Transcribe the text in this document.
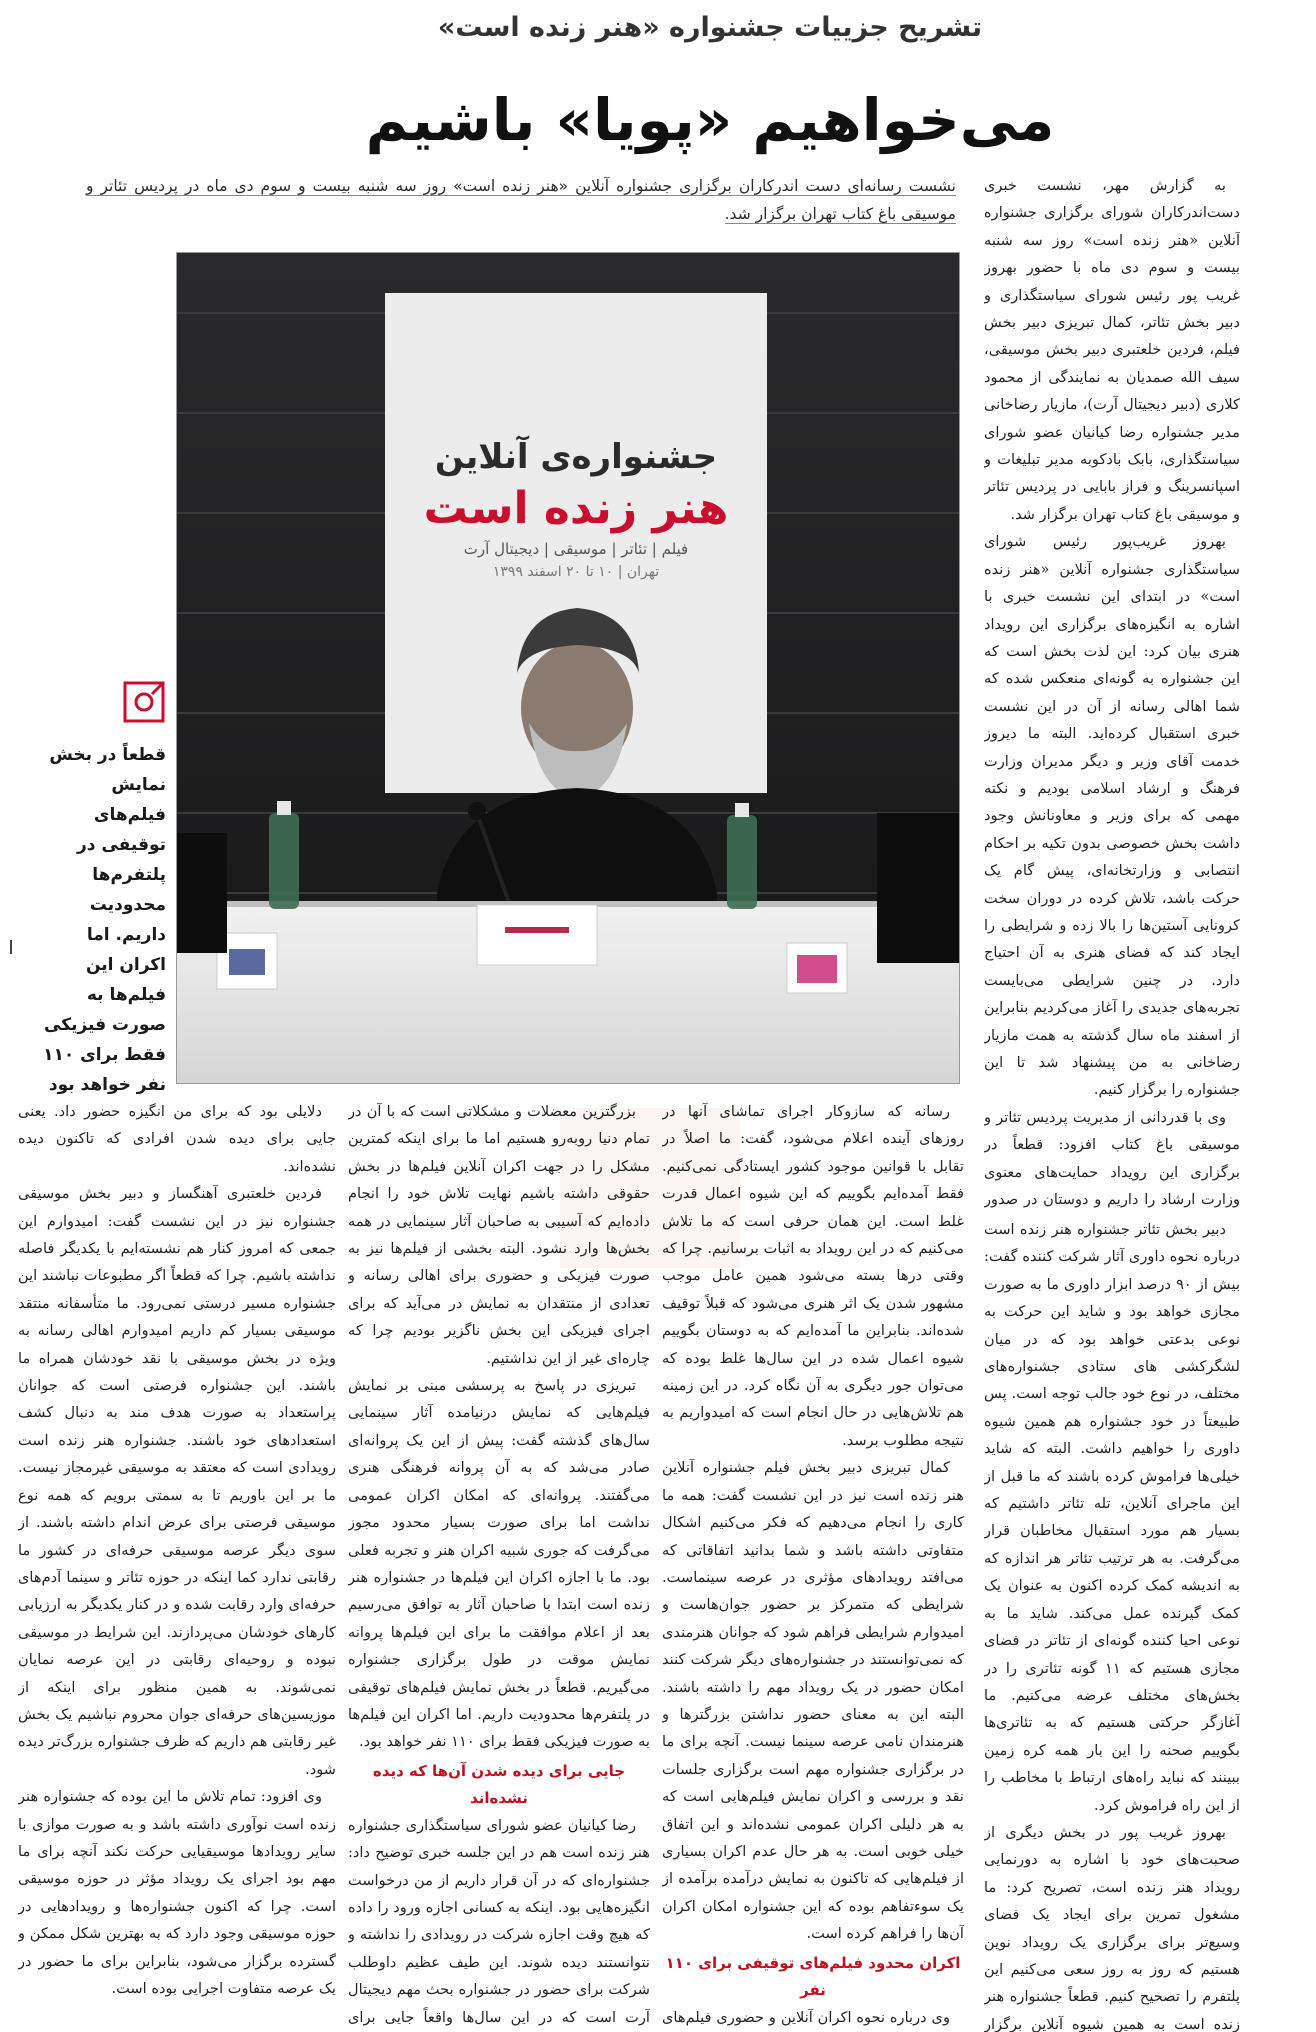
تشریح جزییات جشنواره «هنر زنده است»
می‌خواهیم «پویا» باشیم
نشست رسانه‌ای دست اندرکاران برگزاری جشنواره آنلاین «هنر زنده است» روز سه شنبه بیست و سوم دی ماه در پردیس تئاتر و موسیقی باغ کتاب تهران برگزار شد.

به گزارش مهر، نشست خبری دست‌اندرکاران شورای برگزاری جشنواره آنلاین «هنر زنده است» روز سه شنبه بیست و سوم دی ماه با حضور بهروز غریب پور رئیس شورای سیاستگذاری و دبیر بخش تئاتر، کمال تبریزی دبیر بخش فیلم، فردین خلعتبری دبیر بخش موسیقی، سیف الله صمدیان به نمایندگی از محمود کلاری (دبیر دیجیتال آرت)، مازیار رضاخانی مدیر جشنواره رضا کیانیان عضو شورای سیاستگذاری، بابک بادکوبه مدیر تبلیغات و اسپانسرینگ و فراز بابایی در پردیس تئاتر و موسیقی باغ کتاب تهران برگزار شد.

بهروز غریب‌پور رئیس شورای سیاستگذاری جشنواره آنلاین «هنر زنده است» در ابتدای این نشست خبری با اشاره به انگیزه‌های برگزاری این رویداد هنری بیان کرد: این لذت بخش است که این جشنواره به گونه‌ای منعکس شده که شما اهالی رسانه از آن در این نشست خبری استقبال کرده‌اید. البته ما دیروز خدمت آقای وزیر و دیگر مدیران وزارت فرهنگ و ارشاد اسلامی بودیم و نکته مهمی که برای وزیر و معاونانش وجود داشت بخش خصوصی بدون تکیه بر احکام انتصابی و وزارتخانه‌ای، پیش گام یک حرکت باشد، تلاش کرده در دوران سخت کرونایی آستین‌ها را بالا زده و شرایطی را ایجاد کند که فضای هنری به آن احتیاج دارد. در چنین شرایطی می‌بایست تجربه‌های جدیدی را آغاز می‌کردیم بنابراین از اسفند ماه سال گذشته به همت مازیار رضاخانی به من پیشنهاد شد تا این جشنواره را برگزار کنیم.

وی با قدردانی از مدیریت پردیس تئاتر و موسیقی باغ کتاب افزود: قطعاً در برگزاری این رویداد حمایت‌های معنوی وزارت ارشاد را داریم و دوستان در صدور

جشنواره‌ی آنلاین
هنر زنده است
فیلم | تئاتر | موسیقی | دیجیتال آرت
تهران | ۱۰ تا ۲۰ اسفند ۱۳۹۹
قطعاً در بخش نمایش فیلم‌های توقیفی در پلتفرم‌ها محدودیت داریم. اما اکران این فیلم‌ها به صورت فیزیکی فقط برای ۱۱۰ نفر خواهد بود

دبیر بخش تئاتر جشنواره هنر زنده است درباره نحوه داوری آثار شرکت کننده گفت: بیش از ۹۰ درصد ابزار داوری ما به صورت مجازی خواهد بود و شاید این حرکت به نوعی بدعتی خواهد بود که در میان لشگرکشی های ستادی جشنواره‌های مختلف، در نوع خود جالب توجه است. پس طبیعتاً در خود جشنواره هم همین شیوه داوری را خواهیم داشت. البته که شاید خیلی‌ها فراموش کرده باشند که ما قبل از این ماجرای آنلاین، تله تئاتر داشتیم که بسیار هم مورد استقبال مخاطبان قرار می‌گرفت. به هر ترتیب تئاتر هر اندازه که به اندیشه کمک کرده اکنون به عنوان یک کمک گیرنده عمل می‌کند. شاید ما به نوعی احیا کننده گونه‌ای از تئاتر در فضای مجازی هستیم که ۱۱ گونه تئاتری را در بخش‌های مختلف عرضه می‌کنیم. ما آغازگر حرکتی هستیم که به تئاتری‌ها بگوییم صحنه را این بار همه کره زمین ببینند که نباید راه‌های ارتباط با مخاطب را از این راه فراموش کرد.

بهروز غریب پور در بخش دیگری از صحبت‌های خود با اشاره به دورنمایی رویداد هنر زنده است، تصریح کرد: ما مشغول تمرین برای ایجاد یک فضای وسیع‌تر برای برگزاری یک رویداد نوین هستیم که روز به روز سعی می‌کنیم این پلتفرم را تصحیح کنیم. قطعاً جشنواره هنر زنده است به همین شیوه آنلاین برگزار

رسانه که سازوکار اجرای تماشای آنها در روزهای آینده اعلام می‌شود، گفت: ما اصلاً در تقابل با قوانین موجود کشور ایستادگی نمی‌کنیم. فقط آمده‌ایم بگوییم که این شیوه اعمال قدرت غلط است. این همان حرفی است که ما تلاش می‌کنیم که در این رویداد به اثبات برسانیم. چرا که وقتی درها بسته می‌شود همین عامل موجب مشهور شدن یک اثر هنری می‌شود که قبلاً توقیف شده‌اند. بنابراین ما آمده‌ایم که به دوستان بگوییم شیوه اعمال شده در این سال‌ها غلط بوده که می‌توان جور دیگری به آن نگاه کرد. در این زمینه هم تلاش‌هایی در حال انجام است که امیدواریم به نتیجه مطلوب برسد.

کمال تبریزی دبیر بخش فیلم جشنواره آنلاین هنر زنده است نیز در این نشست گفت: همه ما کاری را انجام می‌دهیم که فکر می‌کنیم اشکال متفاوتی داشته باشد و شما بدانید اتفاقاتی که می‌افتد رویدادهای مؤثری در عرصه سینماست. شرایطی که متمرکز بر حضور جوان‌هاست و امیدوارم شرایطی فراهم شود که جوانان هنرمندی که نمی‌توانستند در جشنواره‌های دیگر شرکت کنند امکان حضور در یک رویداد مهم را داشته باشند. البته این به معنای حضور نداشتن بزرگترها و هنرمندان نامی عرصه سینما نیست. آنچه برای ما در برگزاری جشنواره مهم است برگزاری جلسات نقد و بررسی و اکران نمایش فیلم‌هایی است که به هر دلیلی اکران عمومی نشده‌اند و این اتفاق خیلی خوبی است. به هر حال عدم اکران بسیاری از فیلم‌هایی که تاکنون به نمایش درآمده برآمده از یک سوءتفاهم بوده که این جشنواره امکان اکران آن‌ها را فراهم کرده است.

اکران محدود فیلم‌های توقیفی برای ۱۱۰ نفر

وی درباره نحوه اکران آنلاین و حضوری فیلم‌های

بزرگترین معضلات و مشکلاتی است که با آن در تمام دنیا روبه‌رو هستیم اما ما برای اینکه کمترین مشکل را در جهت اکران آنلاین فیلم‌ها در بخش حقوقی داشته باشیم نهایت تلاش خود را انجام داده‌ایم که آسیبی به صاحبان آثار سینمایی در همه بخش‌ها وارد نشود. البته بخشی از فیلم‌ها نیز به صورت فیزیکی و حضوری برای اهالی رسانه و تعدادی از منتقدان به نمایش در می‌آید که برای اجرای فیزیکی این بخش ناگزیر بودیم چرا که چاره‌ای غیر از این نداشتیم.

تبریزی در پاسخ به پرسشی مبنی بر نمایش فیلم‌هایی که نمایش درنیامده آثار سینمایی سال‌های گذشته گفت: پیش از این یک پروانه‌ای صادر می‌شد که به آن پروانه فرهنگی هنری می‌گفتند. پروانه‌ای که امکان اکران عمومی نداشت اما برای صورت بسیار محدود مجوز می‌گرفت که جوری شبیه اکران هنر و تجربه فعلی بود. ما با اجازه اکران این فیلم‌ها در جشنواره هنر زنده است ابتدا با صاحبان آثار به توافق می‌رسیم بعد از اعلام موافقت ما برای این فیلم‌ها پروانه نمایش موقت در طول برگزاری جشنواره می‌گیریم. قطعاً در بخش نمایش فیلم‌های توقیفی در پلتفرم‌ها محدودیت داریم. اما اکران این فیلم‌ها به صورت فیزیکی فقط برای ۱۱۰ نفر خواهد بود.

جایی برای دیده شدن آن‌ها که دیده نشده‌اند

رضا کیانیان عضو شورای سیاستگذاری جشنواره هنر زنده است هم در این جلسه خبری توضیح داد: جشنواره‌ای که در آن قرار داریم از من درخواست انگیزه‌هایی بود. اینکه به کسانی اجازه ورود را داده که هیچ وقت اجازه شرکت در رویدادی را نداشته و نتوانستند دیده شوند. این طیف عظیم داوطلب شرکت برای حضور در جشنواره بحث مهم دیجیتال آرت است که در این سال‌ها واقعاً جایی برای

دلایلی بود که برای من انگیزه حضور داد. یعنی جایی برای دیده شدن افرادی که تاکنون دیده نشده‌اند.

فردین خلعتبری آهنگساز و دبیر بخش موسیقی جشنواره نیز در این نشست گفت: امیدوارم این جمعی که امروز کنار هم نشسته‌ایم با یکدیگر فاصله نداشته باشیم. چرا که قطعاً اگر مطبوعات نباشند این جشنواره مسیر درستی نمی‌رود. ما متأسفانه منتقد موسیقی بسیار کم داریم امیدوارم اهالی رسانه به ویژه در بخش موسیقی با نقد خودشان همراه ما باشند. این جشنواره فرصتی است که جوانان پراستعداد به صورت هدف مند به دنبال کشف استعدادهای خود باشند. جشنواره هنر زنده است رویدادی است که معتقد به موسیقی غیرمجاز نیست. ما بر این باوریم تا به سمتی برویم که همه نوع موسیقی فرصتی برای عرض اندام داشته باشند. از سوی دیگر عرصه موسیقی حرفه‌ای در کشور ما رقابتی ندارد کما اینکه در حوزه تئاتر و سینما آدم‌های حرفه‌ای وارد رقابت شده و در کنار یکدیگر به ارزیابی کارهای خودشان می‌پردازند. این شرایط در موسیقی نبوده و روحیه‌ای رقابتی در این عرصه نمایان نمی‌شوند. به همین منظور برای اینکه از موزیسین‌های حرفه‌ای جوان محروم نباشیم یک بخش غیر رقابتی هم داریم که ظرف جشنواره بزرگ‌تر دیده شود.

وی افزود: تمام تلاش ما این بوده که جشنواره هنر زنده است نوآوری داشته باشد و به صورت موازی با سایر رویدادها موسیقیایی حرکت نکند آنچه برای ما مهم بود اجرای یک رویداد مؤثر در حوزه موسیقی است. چرا که اکنون جشنواره‌ها و رویدادهایی در حوزه موسیقی وجود دارد که به بهترین شکل ممکن و گسترده برگزار می‌شود، بنابراین برای ما حضور در یک عرصه متفاوت اجرایی بوده است.
